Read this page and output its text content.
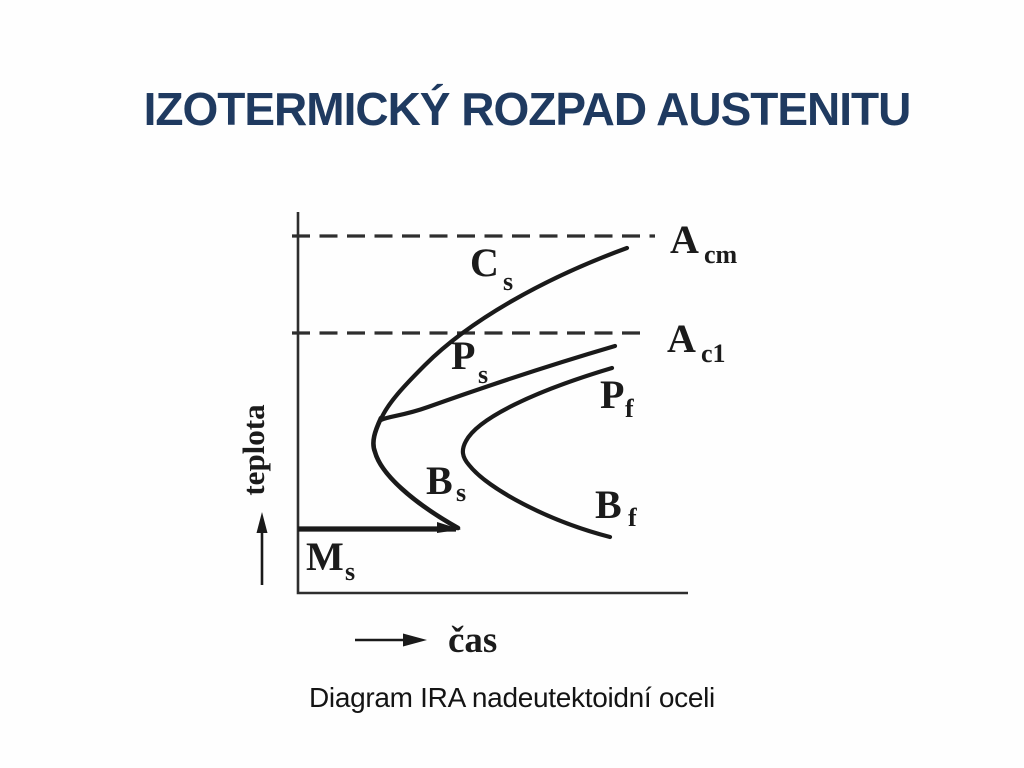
IZOTERMICKÝ ROZPAD AUSTENITU
C s
P s	P f
B s	B f
M s
A cm
A c1
teplota
čas
Diagram IRA nadeutektoidní oceli
